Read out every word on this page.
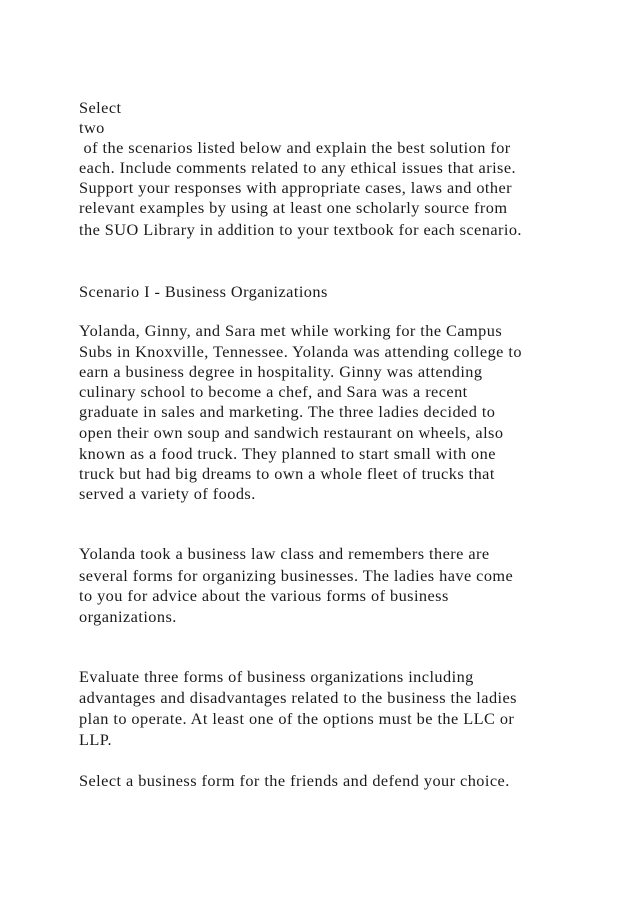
Select
two
of the scenarios listed below and explain the best solution for
each. Include comments related to any ethical issues that arise.
Support your responses with appropriate cases, laws and other
relevant examples by using at least one scholarly source from
the SUO Library in addition to your textbook for each scenario.
Scenario I - Business Organizations
Yolanda, Ginny, and Sara met while working for the Campus
Subs in Knoxville, Tennessee. Yolanda was attending college to
earn a business degree in hospitality. Ginny was attending
culinary school to become a chef, and Sara was a recent
graduate in sales and marketing. The three ladies decided to
open their own soup and sandwich restaurant on wheels, also
known as a food truck. They planned to start small with one
truck but had big dreams to own a whole fleet of trucks that
served a variety of foods.
Yolanda took a business law class and remembers there are
several forms for organizing businesses. The ladies have come
to you for advice about the various forms of business
organizations.
Evaluate three forms of business organizations including
advantages and disadvantages related to the business the ladies
plan to operate. At least one of the options must be the LLC or
LLP.
Select a business form for the friends and defend your choice.
